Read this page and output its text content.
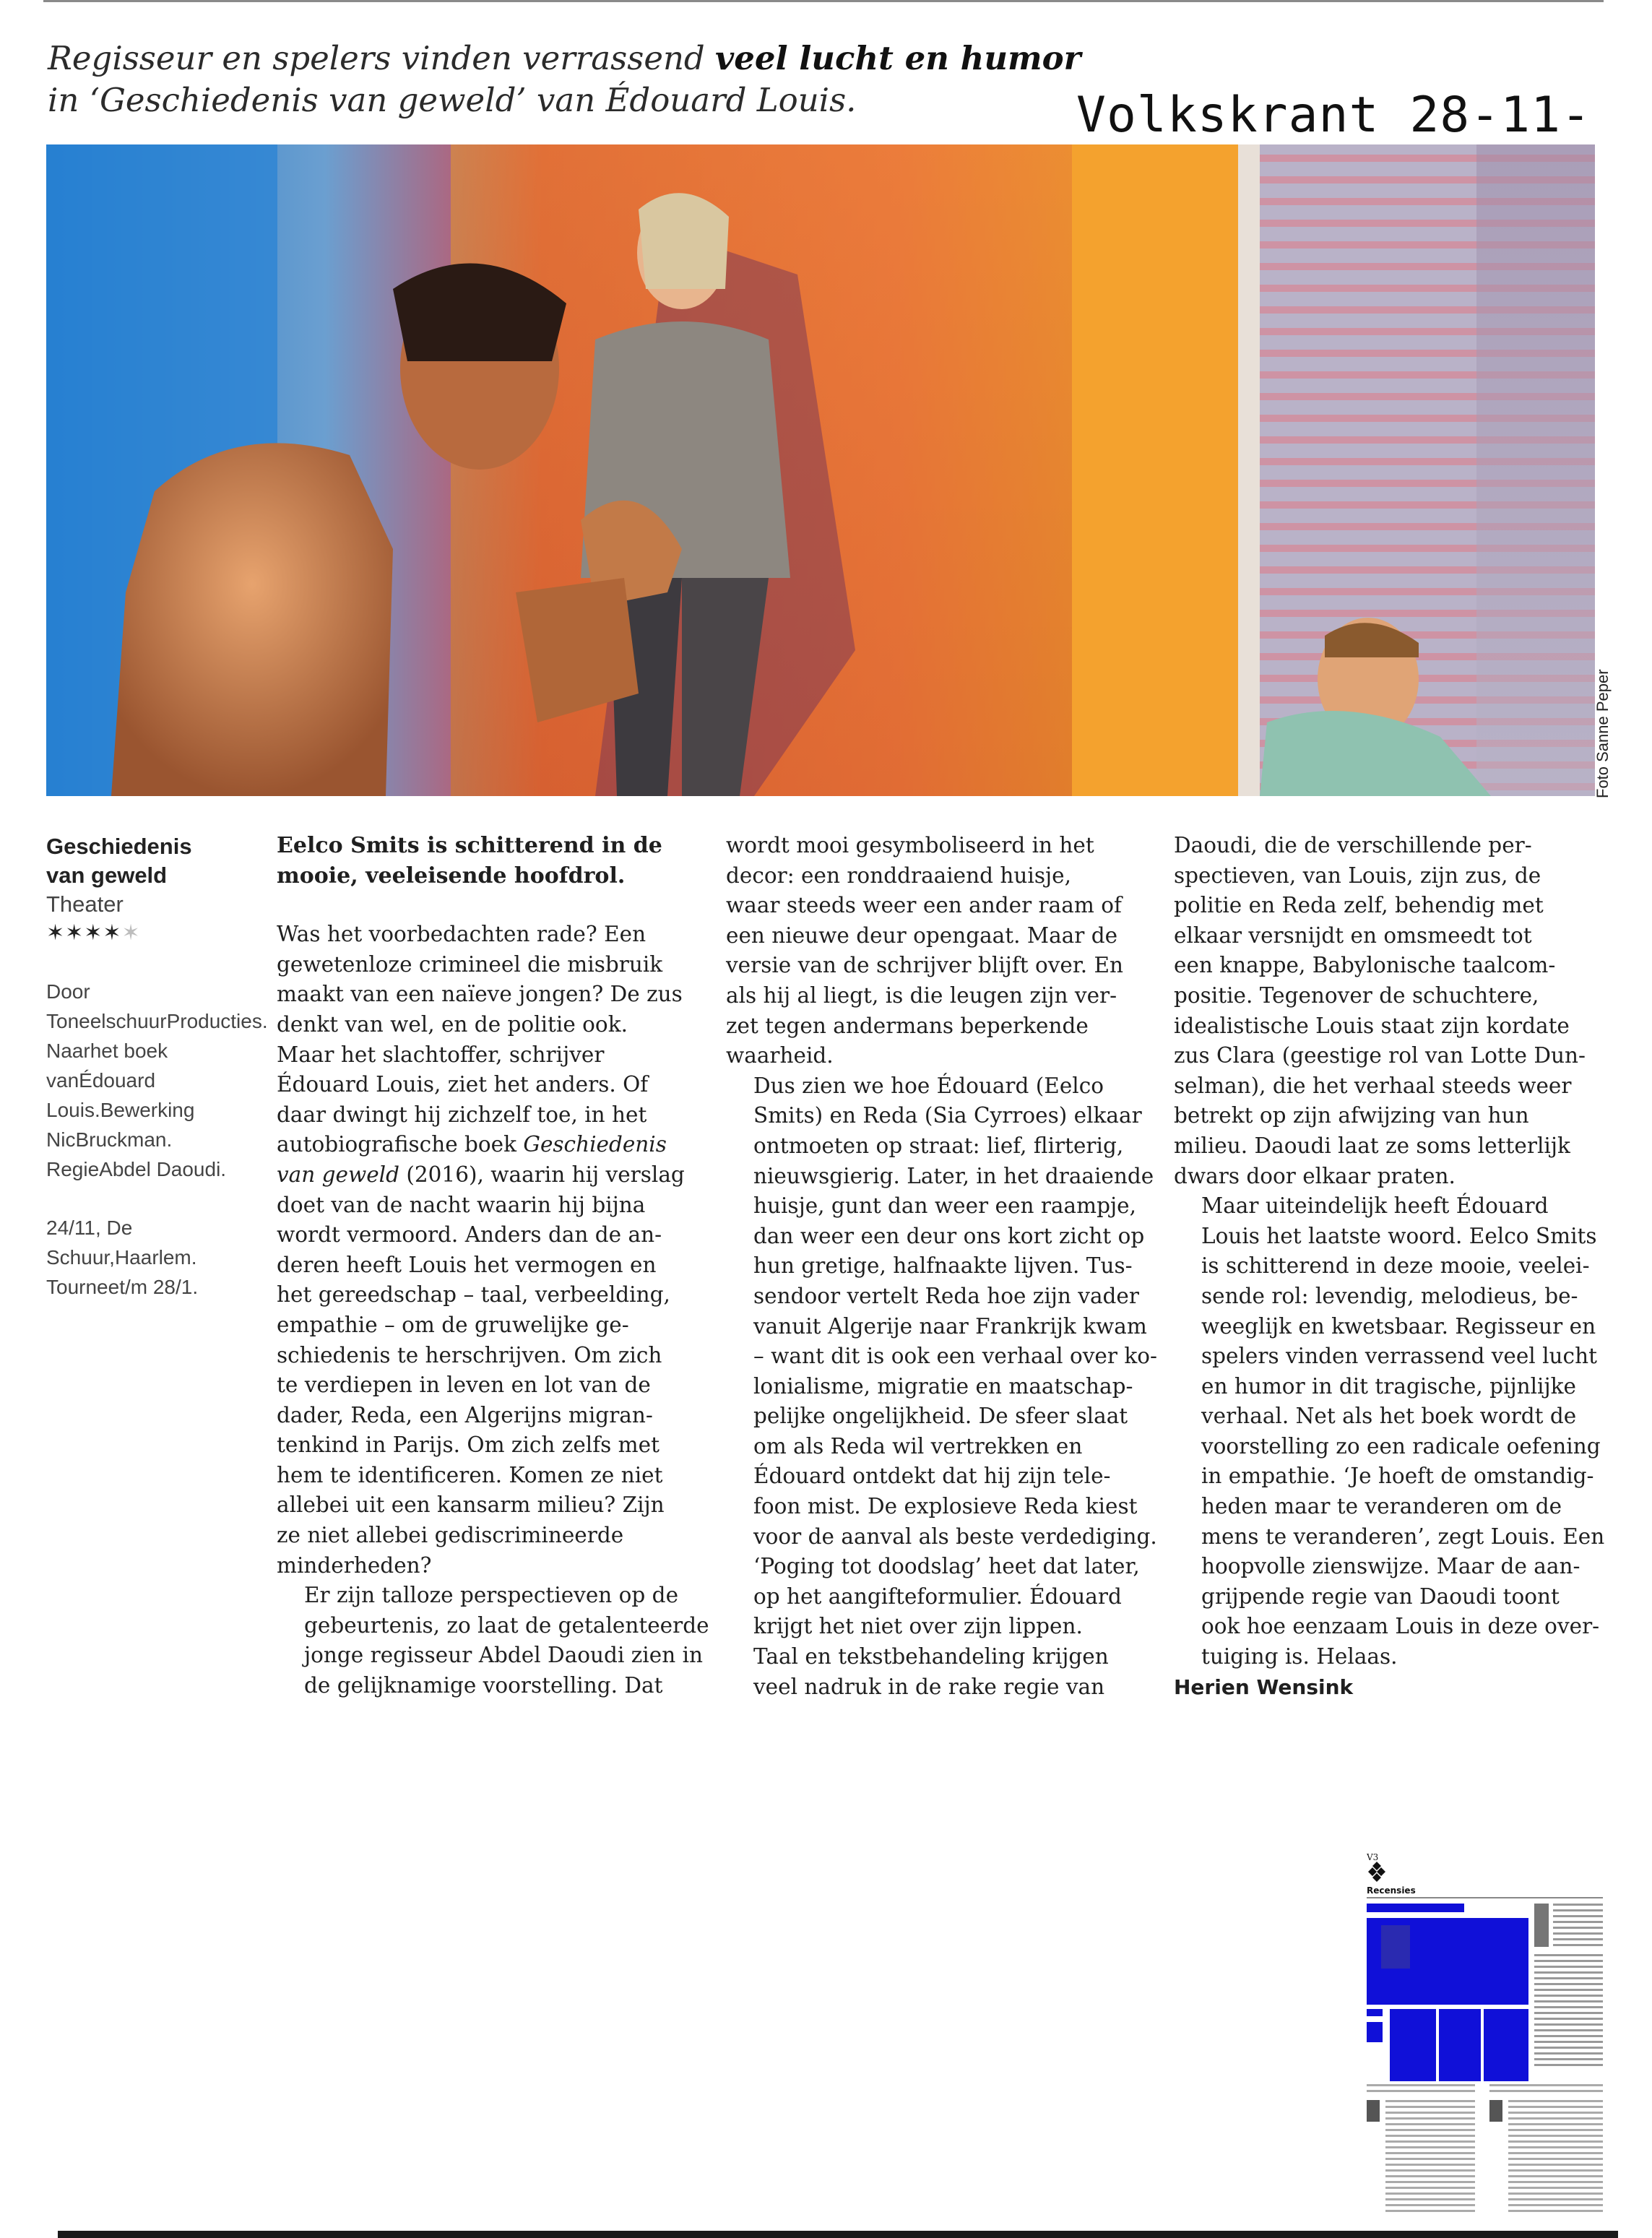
Regisseur en spelers vinden verrassend veel lucht en humor
in ‘Geschiedenis van geweld’ van Édouard Louis.	Volkskrant 28-11-
Foto Sanne Peper
Geschiedenis
van geweld
Theater
✶✶✶✶✶

Door ToneelschuurProducties. Naarhet boek vanÉdouard Louis.Bewerking NicBruckman. RegieAbdel Daoudi.

24/11, De Schuur,Haarlem. Tourneet/m 28/1.

Eelco Smits is schitterend in de
mooie, veeleisende hoofdrol.

Was het voorbedachten rade? Een
gewetenloze crimineel die misbruik
maakt van een naïeve jongen? De zus
denkt van wel, en de politie ook.
Maar het slachtoffer, schrijver
Édouard Louis, ziet het anders. Of
daar dwingt hij zichzelf toe, in het
autobiografische boek Geschiedenis
van geweld (2016), waarin hij verslag
doet van de nacht waarin hij bijna
wordt vermoord. Anders dan de an-
deren heeft Louis het vermogen en
het gereedschap – taal, verbeelding,
empathie – om de gruwelijke ge-
schiedenis te herschrijven. Om zich
te verdiepen in leven en lot van de
dader, Reda, een Algerijns migran-
tenkind in Parijs. Om zich zelfs met
hem te identificeren. Komen ze niet
allebei uit een kansarm milieu? Zijn
ze niet allebei gediscrimineerde
minderheden?

Er zijn talloze perspectieven op de
gebeurtenis, zo laat de getalenteerde
jonge regisseur Abdel Daoudi zien in
de gelijknamige voorstelling. Dat

wordt mooi gesymboliseerd in het
decor: een ronddraaiend huisje,
waar steeds weer een ander raam of
een nieuwe deur opengaat. Maar de
versie van de schrijver blijft over. En
als hij al liegt, is die leugen zijn ver-
zet tegen andermans beperkende
waarheid.

Dus zien we hoe Édouard (Eelco
Smits) en Reda (Sia Cyrroes) elkaar
ontmoeten op straat: lief, flirterig,
nieuwsgierig. Later, in het draaiende
huisje, gunt dan weer een raampje,
dan weer een deur ons kort zicht op
hun gretige, halfnaakte lijven. Tus-
sendoor vertelt Reda hoe zijn vader
vanuit Algerije naar Frankrijk kwam
– want dit is ook een verhaal over ko-
lonialisme, migratie en maatschap-
pelijke ongelijkheid. De sfeer slaat
om als Reda wil vertrekken en
Édouard ontdekt dat hij zijn tele-
foon mist. De explosieve Reda kiest
voor de aanval als beste verdediging.
‘Poging tot doodslag’ heet dat later,
op het aangifteformulier. Édouard
krijgt het niet over zijn lippen.

Taal en tekstbehandeling krijgen
veel nadruk in de rake regie van

Daoudi, die de verschillende per-
spectieven, van Louis, zijn zus, de
politie en Reda zelf, behendig met
elkaar versnijdt en omsmeedt tot
een knappe, Babylonische taalcom-
positie. Tegenover de schuchtere,
idealistische Louis staat zijn kordate
zus Clara (geestige rol van Lotte Dun-
selman), die het verhaal steeds weer
betrekt op zijn afwijzing van hun
milieu. Daoudi laat ze soms letterlijk
dwars door elkaar praten.

Maar uiteindelijk heeft Édouard
Louis het laatste woord. Eelco Smits
is schitterend in deze mooie, veelei-
sende rol: levendig, melodieus, be-
weeglijk en kwetsbaar. Regisseur en
spelers vinden verrassend veel lucht
en humor in dit tragische, pijnlijke
verhaal. Net als het boek wordt de
voorstelling zo een radicale oefening
in empathie. ‘Je hoeft de omstandig-
heden maar te veranderen om de
mens te veranderen’, zegt Louis. Een
hoopvolle zienswijze. Maar de aan-
grijpende regie van Daoudi toont
ook hoe eenzaam Louis in deze over-
tuiging is. Helaas.

Herien Wensink

V3
Recensies
